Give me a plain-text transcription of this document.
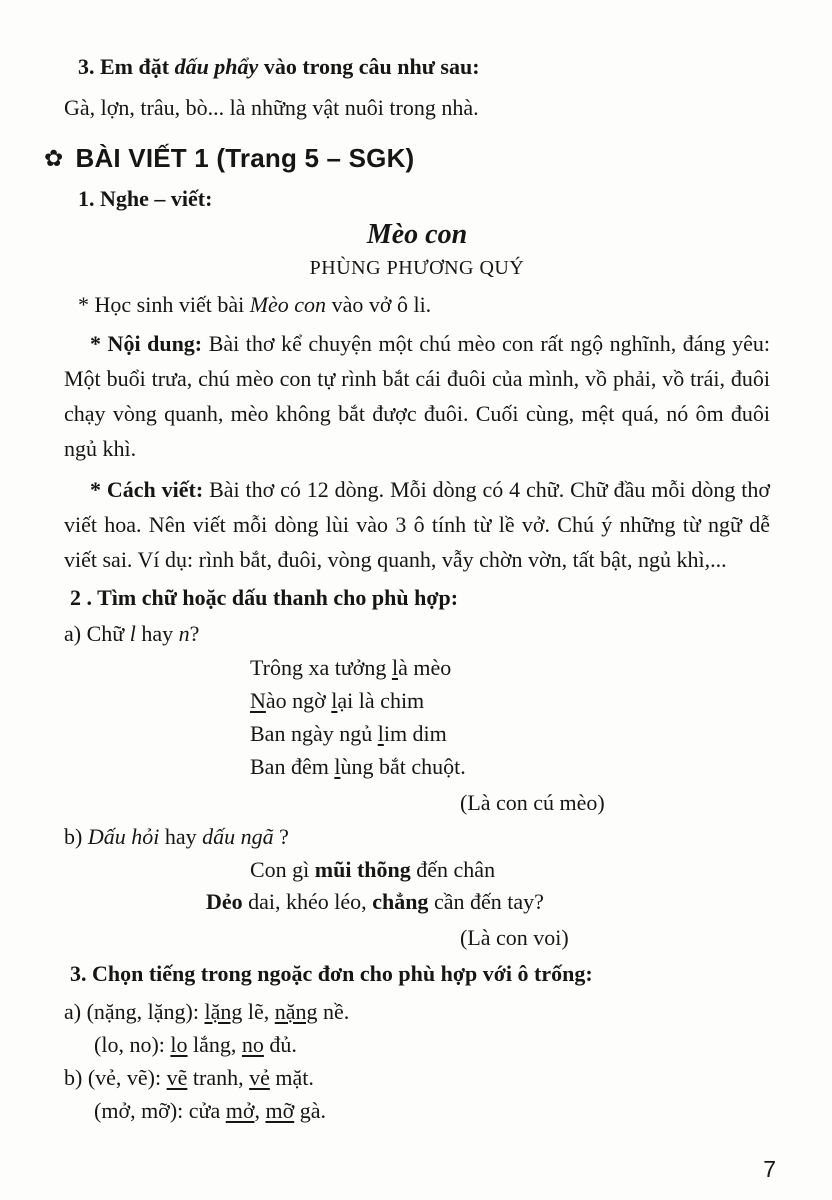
3. Em đặt dấu phẩy vào trong câu như sau:

Gà, lợn, trâu, bò... là những vật nuôi trong nhà.

✿ BÀI VIẾT 1 (Trang 5 – SGK)

1. Nghe – viết:

Mèo con

PHÙNG PHƯƠNG QUÝ

* Học sinh viết bài Mèo con vào vở ô li.

* Nội dung: Bài thơ kể chuyện một chú mèo con rất ngộ nghĩnh, đáng yêu: Một buổi trưa, chú mèo con tự rình bắt cái đuôi của mình, vồ phải, vồ trái, đuôi chạy vòng quanh, mèo không bắt được đuôi. Cuối cùng, mệt quá, nó ôm đuôi ngủ khì.

* Cách viết: Bài thơ có 12 dòng. Mỗi dòng có 4 chữ. Chữ đầu mỗi dòng thơ viết hoa. Nên viết mỗi dòng lùi vào 3 ô tính từ lề vở. Chú ý những từ ngữ dễ viết sai. Ví dụ: rình bắt, đuôi, vòng quanh, vẫy chờn vờn, tất bật, ngủ khì,...

2 . Tìm chữ hoặc dấu thanh cho phù hợp:

a) Chữ l hay n?

Trông xa tưởng là mèo

Nào ngờ lại là chim

Ban ngày ngủ lim dim

Ban đêm lùng bắt chuột.

(Là con cú mèo)

b) Dấu hỏi hay dấu ngã ?

Con gì mũi thõng đến chân

Dẻo dai, khéo léo, chẳng cần đến tay?

(Là con voi)

3. Chọn tiếng trong ngoặc đơn cho phù hợp với ô trống:

a) (nặng, lặng): lặng lẽ, nặng nề.

(lo, no): lo lắng, no đủ.

b) (vẻ, vẽ): vẽ tranh, vẻ mặt.

(mở, mỡ): cửa mở, mỡ gà.

7
